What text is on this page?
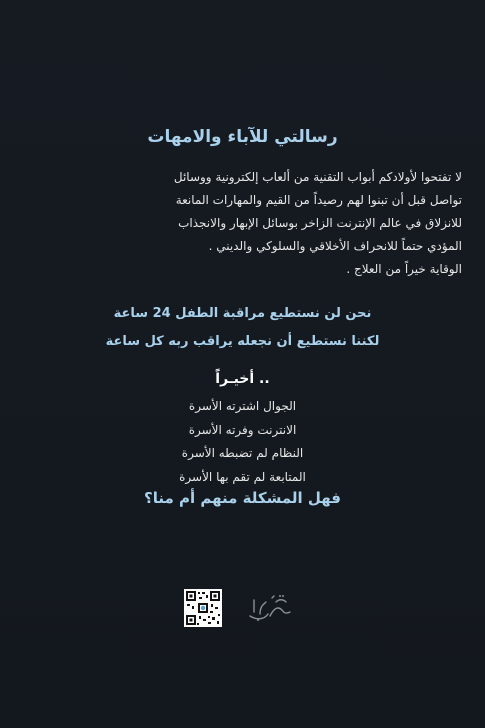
رسالتي للآباء والامهات

لا تفتحوا لأولادكم أبواب التقنية من ألعاب إلكترونية ووسائل

تواصل قبل أن تبنوا لهم رصيداً من القيم والمهارات المانعة

للانزلاق في عالم الإنترنت الزاخر بوسائل الإبهار والانجذاب

المؤدي حتماً للانحراف الأخلاقي والسلوكي والديني .

الوقاية خيراً من العلاج .

نحن لن نستطيع مراقبة الطفل 24 ساعة

لكننا نستطيع أن نجعله يراقب ربه كل ساعة

أخيـراً ..

الجوال اشترته الأسرة

الانترنت وفرته الأسرة

النظام لم تضبطه الأسرة

المتابعة لم تقم بها الأسرة

فهل المشكلة منهم أم منا؟
